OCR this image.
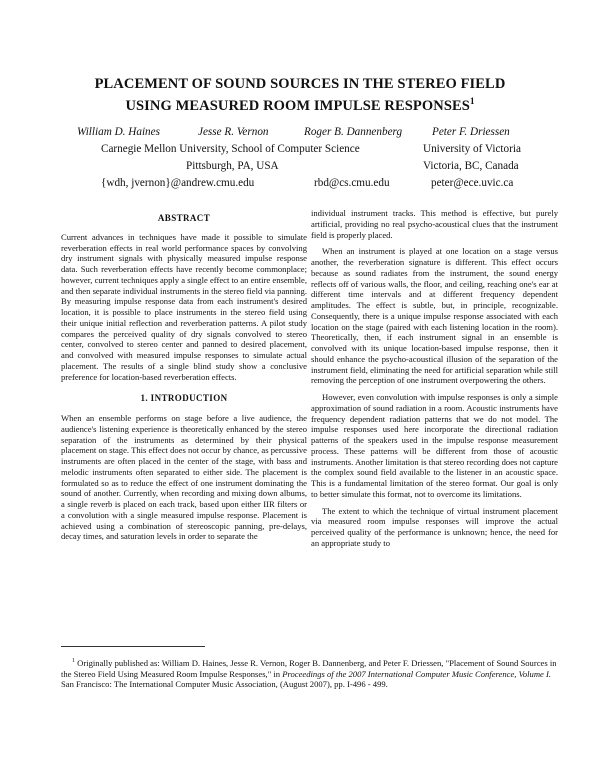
PLACEMENT OF SOUND SOURCES IN THE STEREO FIELD
USING MEASURED ROOM IMPULSE RESPONSES$^1$
William D. Haines	Jesse R. Vernon	Roger B. Dannenberg	Peter F. Driessen
Carnegie Mellon University, School of Computer Science
Pittsburgh, PA, USA
{wdh, jvernon}@andrew.cmu.edu	rbd@cs.cmu.edu
University of Victoria
Victoria, BC, Canada
peter@ece.uvic.ca
ABSTRACT

Current advances in techniques have made it possible to simulate reverberation effects in real world performance spaces by convolving dry instrument signals with physically measured impulse response data. Such reverberation effects have recently become commonplace; however, current techniques apply a single effect to an entire ensemble, and then separate individual instruments in the stereo field via panning. By measuring impulse response data from each instrument's desired location, it is possible to place instruments in the stereo field using their unique initial reflection and reverberation patterns. A pilot study compares the perceived quality of dry signals convolved to stereo center, convolved to stereo center and panned to desired placement, and convolved with measured impulse responses to simulate actual placement. The results of a single blind study show a conclusive preference for location-based reverberation effects.

1. INTRODUCTION

When an ensemble performs on stage before a live audience, the audience's listening experience is theoretically enhanced by the stereo separation of the instruments as determined by their physical placement on stage. This effect does not occur by chance, as percussive instruments are often placed in the center of the stage, with bass and melodic instruments often separated to either side. The placement is formulated so as to reduce the effect of one instrument dominating the sound of another. Currently, when recording and mixing down albums, a single reverb is placed on each track, based upon either IIR filters or a convolution with a single measured impulse response. Placement is achieved using a combination of stereoscopic panning, pre-delays, decay times, and saturation levels in order to separate the

individual instrument tracks. This method is effective, but purely artificial, providing no real psycho-acoustical clues that the instrument field is properly placed.

When an instrument is played at one location on a stage versus another, the reverberation signature is different. This effect occurs because as sound radiates from the instrument, the sound energy reflects off of various walls, the floor, and ceiling, reaching one's ear at different time intervals and at different frequency dependent amplitudes. The effect is subtle, but, in principle, recognizable. Consequently, there is a unique impulse response associated with each location on the stage (paired with each listening location in the room). Theoretically, then, if each instrument signal in an ensemble is convolved with its unique location-based impulse response, then it should enhance the psycho-acoustical illusion of the separation of the instrument field, eliminating the need for artificial separation while still removing the perception of one instrument overpowering the others.

However, even convolution with impulse responses is only a simple approximation of sound radiation in a room. Acoustic instruments have frequency dependent radiation patterns that we do not model. The impulse responses used here incorporate the directional radiation patterns of the speakers used in the impulse response measurement process. These patterns will be different from those of acoustic instruments. Another limitation is that stereo recording does not capture the complex sound field available to the listener in an acoustic space. This is a fundamental limitation of the stereo format. Our goal is only to better simulate this format, not to overcome its limitations.

The extent to which the technique of virtual instrument placement via measured room impulse responses will improve the actual perceived quality of the performance is unknown; hence, the need for an appropriate study to

$^1$ Originally published as: William D. Haines, Jesse R. Vernon, Roger B. Dannenberg, and Peter F. Driessen, "Placement of Sound Sources in the Stereo Field Using Measured Room Impulse Responses," in Proceedings of the 2007 International Computer Music Conference, Volume I. San Francisco: The International Computer Music Association, (August 2007), pp. I-496 - 499.
